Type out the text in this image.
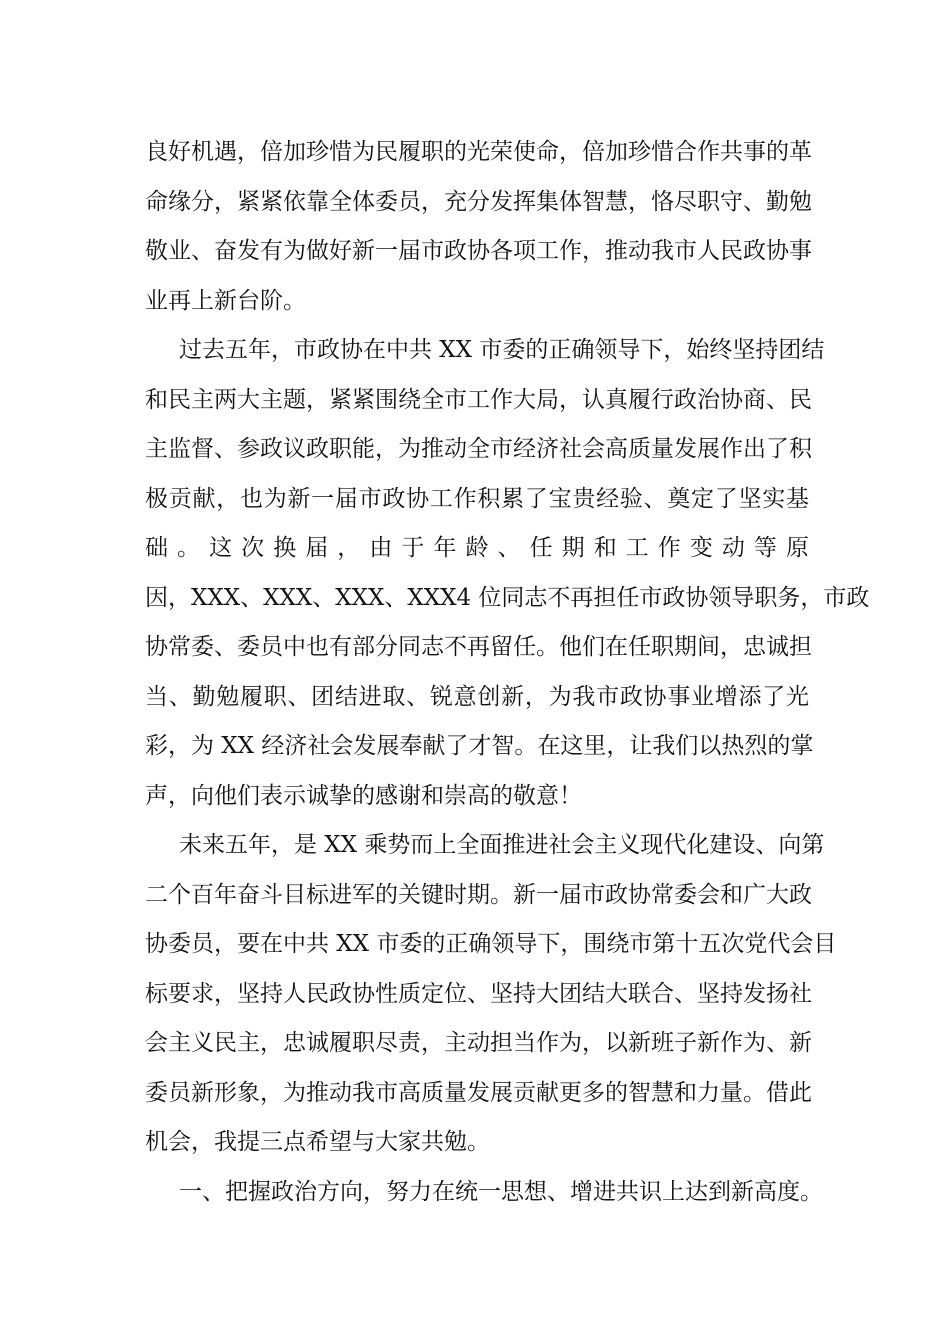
良好机遇，倍加珍惜为民履职的光荣使命，倍加珍惜合作共事的革
命缘分，紧紧依靠全体委员，充分发挥集体智慧，恪尽职守、勤勉
敬业、奋发有为做好新一届市政协各项工作，推动我市人民政协事
业再上新台阶。
过去五年，市政协在中共 XX 市委的正确领导下，始终坚持团结
和民主两大主题，紧紧围绕全市工作大局，认真履行政治协商、民
主监督、参政议政职能，为推动全市经济社会高质量发展作出了积
极贡献，也为新一届市政协工作积累了宝贵经验、奠定了坚实基
础 。 这 次 换 届 ， 由 于 年 龄 、 任 期 和 工 作 变 动 等 原
因，XXX、XXX、XXX、XXX4 位同志不再担任市政协领导职务，市政
协常委、委员中也有部分同志不再留任。他们在任职期间，忠诚担
当、勤勉履职、团结进取、锐意创新，为我市政协事业增添了光
彩，为 XX 经济社会发展奉献了才智。在这里，让我们以热烈的掌
声，向他们表示诚挚的感谢和崇高的敬意！
未来五年，是 XX 乘势而上全面推进社会主义现代化建设、向第
二个百年奋斗目标进军的关键时期。新一届市政协常委会和广大政
协委员，要在中共 XX 市委的正确领导下，围绕市第十五次党代会目
标要求，坚持人民政协性质定位、坚持大团结大联合、坚持发扬社
会主义民主，忠诚履职尽责，主动担当作为，以新班子新作为、新
委员新形象，为推动我市高质量发展贡献更多的智慧和力量。借此
机会，我提三点希望与大家共勉。
一、把握政治方向，努力在统一思想、增进共识上达到新高度。
